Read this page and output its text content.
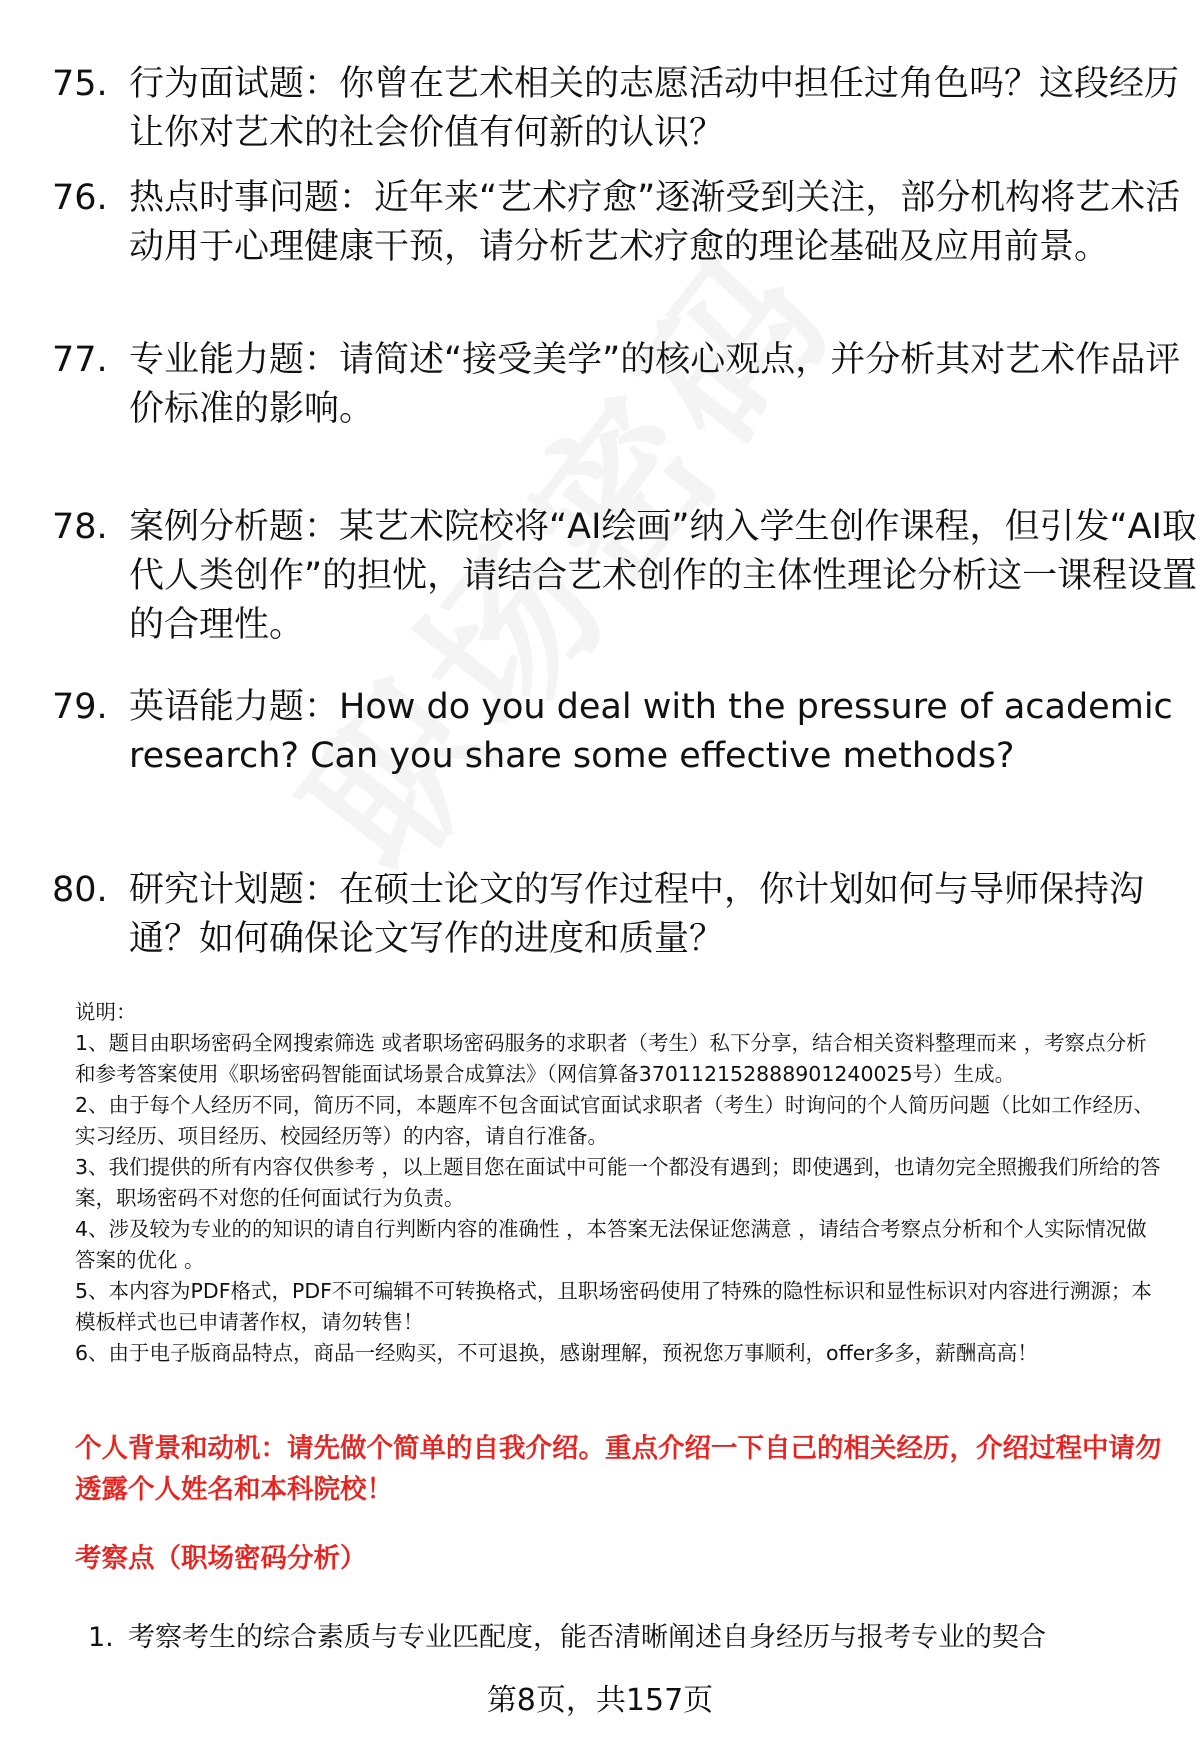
75. 行为面试题：你曾在艺术相关的志愿活动中担任过角色吗？这段经历让你对艺术的社会价值有何新的认识？
76. 热点时事问题：近年来“艺术疗愈”逐渐受到关注，部分机构将艺术活动用于心理健康干预，请分析艺术疗愈的理论基础及应用前景。
77. 专业能力题：请简述“接受美学”的核心观点，并分析其对艺术作品评价标准的影响。
78. 案例分析题：某艺术院校将“AI绘画”纳入学生创作课程，但引发“AI取代人类创作”的担忧，请结合艺术创作的主体性理论分析这一课程设置的合理性。
79. 英语能力题：How do you deal with the pressure of academic research? Can you share some effective methods?
80. 研究计划题：在硕士论文的写作过程中，你计划如何与导师保持沟通？如何确保论文写作的进度和质量？

说明：

1、题目由职场密码全网搜索筛选 或者职场密码服务的求职者（考生）私下分享，结合相关资料整理而来 ，考察点分析和参考答案使用《职场密码智能面试场景合成算法》（网信算备370112152888901240025号）生成。

2、由于每个人经历不同，简历不同，本题库不包含面试官面试求职者（考生）时询问的个人简历问题（比如工作经历、实习经历、项目经历、校园经历等）的内容，请自行准备。

3、我们提供的所有内容仅供参考 ，以上题目您在面试中可能一个都没有遇到；即使遇到，也请勿完全照搬我们所给的答案，职场密码不对您的任何面试行为负责。

4、涉及较为专业的的知识的请自行判断内容的准确性 ，本答案无法保证您满意 ，请结合考察点分析和个人实际情况做答案的优化 。

5、本内容为PDF格式，PDF不可编辑不可转换格式，且职场密码使用了特殊的隐性标识和显性标识对内容进行溯源；本模板样式也已申请著作权，请勿转售！

6、由于电子版商品特点，商品一经购买，不可退换，感谢理解，预祝您万事顺利，offer多多，薪酬高高！

个人背景和动机：请先做个简单的自我介绍。重点介绍一下自己的相关经历，介绍过程中请勿透露个人姓名和本科院校！
考察点（职场密码分析）
1. 考察考生的综合素质与专业匹配度，能否清晰阐述自身经历与报考专业的契合
第8页，共157页
